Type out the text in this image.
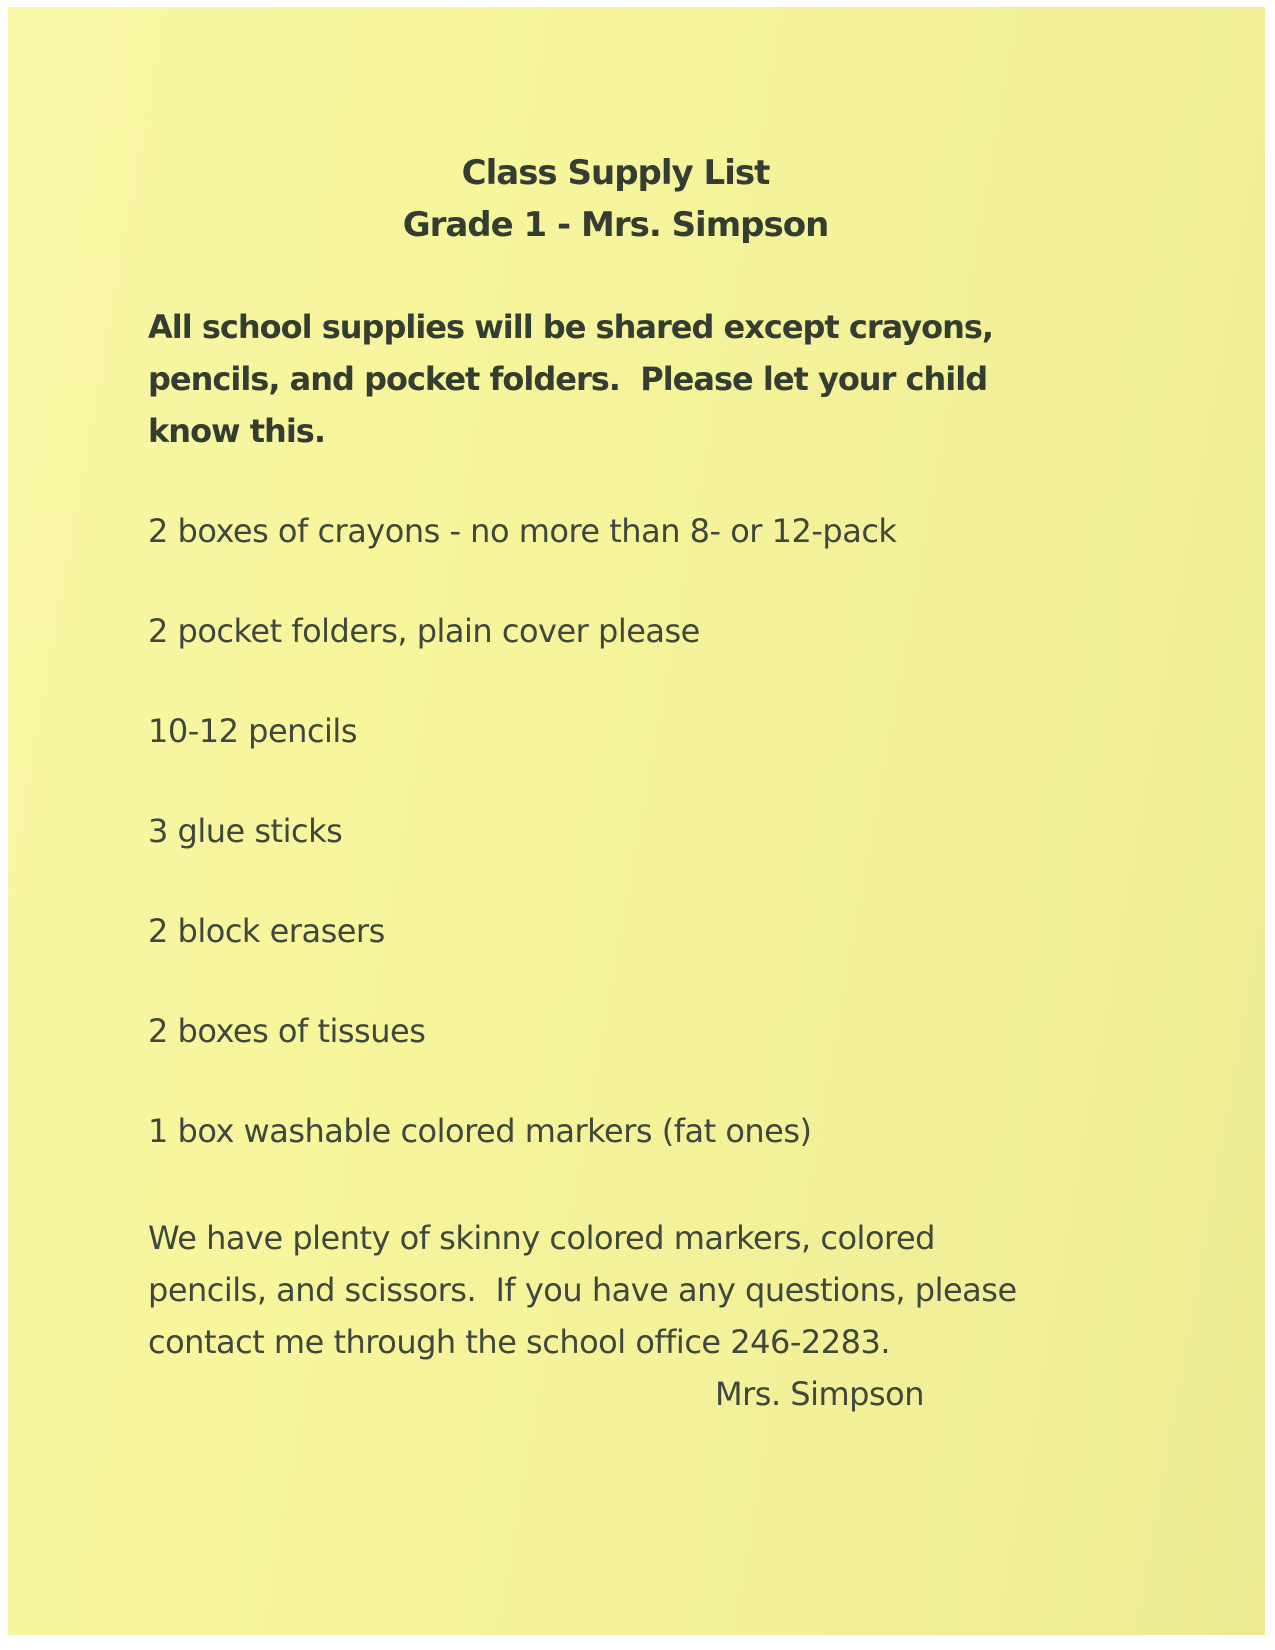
Class Supply List
Grade 1 - Mrs. Simpson
All school supplies will be shared except crayons,
pencils, and pocket folders.  Please let your child
know this.
2 boxes of crayons - no more than 8- or 12-pack
2 pocket folders, plain cover please
10-12 pencils
3 glue sticks
2 block erasers
2 boxes of tissues
1 box washable colored markers (fat ones)
We have plenty of skinny colored markers, colored
pencils, and scissors.  If you have any questions, please
contact me through the school office 246-2283.
Mrs. Simpson
